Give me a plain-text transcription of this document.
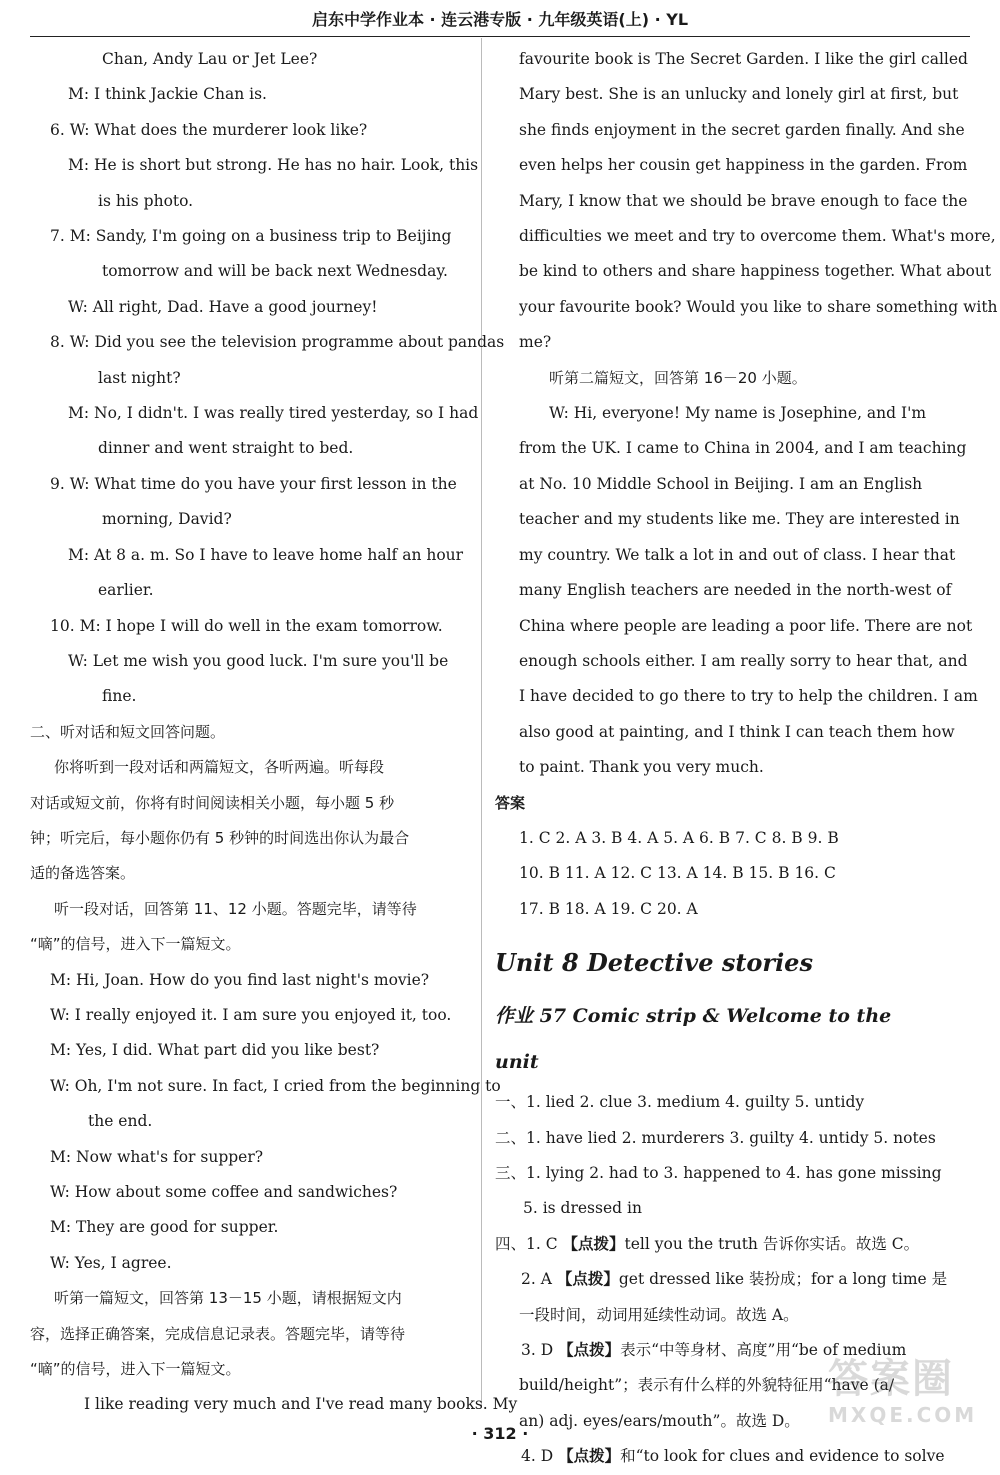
启东中学作业本 · 连云港专版 · 九年级英语(上) · YL
Chan, Andy Lau or Jet Lee?
M: I think Jackie Chan is.
6. W: What does the murderer look like?
M: He is short but strong. He has no hair. Look, this
is his photo.
7. M: Sandy, I'm going on a business trip to Beijing
tomorrow and will be back next Wednesday.
W: All right, Dad. Have a good journey!
8. W: Did you see the television programme about pandas
last night?
M: No, I didn't. I was really tired yesterday, so I had
dinner and went straight to bed.
9. W: What time do you have your first lesson in the
morning, David?
M: At 8 a. m. So I have to leave home half an hour
earlier.
10. M: I hope I will do well in the exam tomorrow.
W: Let me wish you good luck. I'm sure you'll be
fine.
二、听对话和短文回答问题。
你将听到一段对话和两篇短文，各听两遍。听每段
对话或短文前，你将有时间阅读相关小题，每小题 5 秒
钟；听完后，每小题你仍有 5 秒钟的时间选出你认为最合
适的备选答案。
听一段对话，回答第 11、12 小题。答题完毕，请等待
“嘀”的信号，进入下一篇短文。
M: Hi, Joan. How do you find last night's movie?
W: I really enjoyed it. I am sure you enjoyed it, too.
M: Yes, I did. What part did you like best?
W: Oh, I'm not sure. In fact, I cried from the beginning to
the end.
M: Now what's for supper?
W: How about some coffee and sandwiches?
M: They are good for supper.
W: Yes, I agree.
听第一篇短文，回答第 13－15 小题，请根据短文内
容，选择正确答案，完成信息记录表。答题完毕，请等待
“嘀”的信号，进入下一篇短文。
I like reading very much and I've read many books. My
favourite book is The Secret Garden. I like the girl called
Mary best. She is an unlucky and lonely girl at first, but
she finds enjoyment in the secret garden finally. And she
even helps her cousin get happiness in the garden. From
Mary, I know that we should be brave enough to face the
difficulties we meet and try to overcome them. What's more,
be kind to others and share happiness together. What about
your favourite book? Would you like to share something with
me?
听第二篇短文，回答第 16－20 小题。
W: Hi, everyone! My name is Josephine, and I'm
from the UK. I came to China in 2004, and I am teaching
at No. 10 Middle School in Beijing. I am an English
teacher and my students like me. They are interested in
my country. We talk a lot in and out of class. I hear that
many English teachers are needed in the north-west of
China where people are leading a poor life. There are not
enough schools either. I am really sorry to hear that, and
I have decided to go there to try to help the children. I am
also good at painting, and I think I can teach them how
to paint. Thank you very much.
答案
1. C 2. A 3. B 4. A 5. A 6. B 7. C 8. B 9. B
10. B 11. A 12. C 13. A 14. B 15. B 16. C
17. B 18. A 19. C 20. A
Unit 8 Detective stories
作业 57 Comic strip & Welcome to the unit
一、1. lied 2. clue 3. medium 4. guilty 5. untidy
二、1. have lied 2. murderers 3. guilty 4. untidy 5. notes
三、1. lying 2. had to 3. happened to 4. has gone missing
5. is dressed in
四、1. C 【点拨】tell you the truth 告诉你实话。故选 C。
2. A 【点拨】get dressed like 装扮成；for a long time 是
一段时间，动词用延续性动词。故选 A。
3. D 【点拨】表示“中等身材、高度”用“be of medium
build/height”；表示有什么样的外貌特征用“have (a/
an) adj. eyes/ears/mouth”。故选 D。
4. D 【点拨】和“to look for clues and evidence to solve
· 312 ·
答案圈
MXQE.COM
